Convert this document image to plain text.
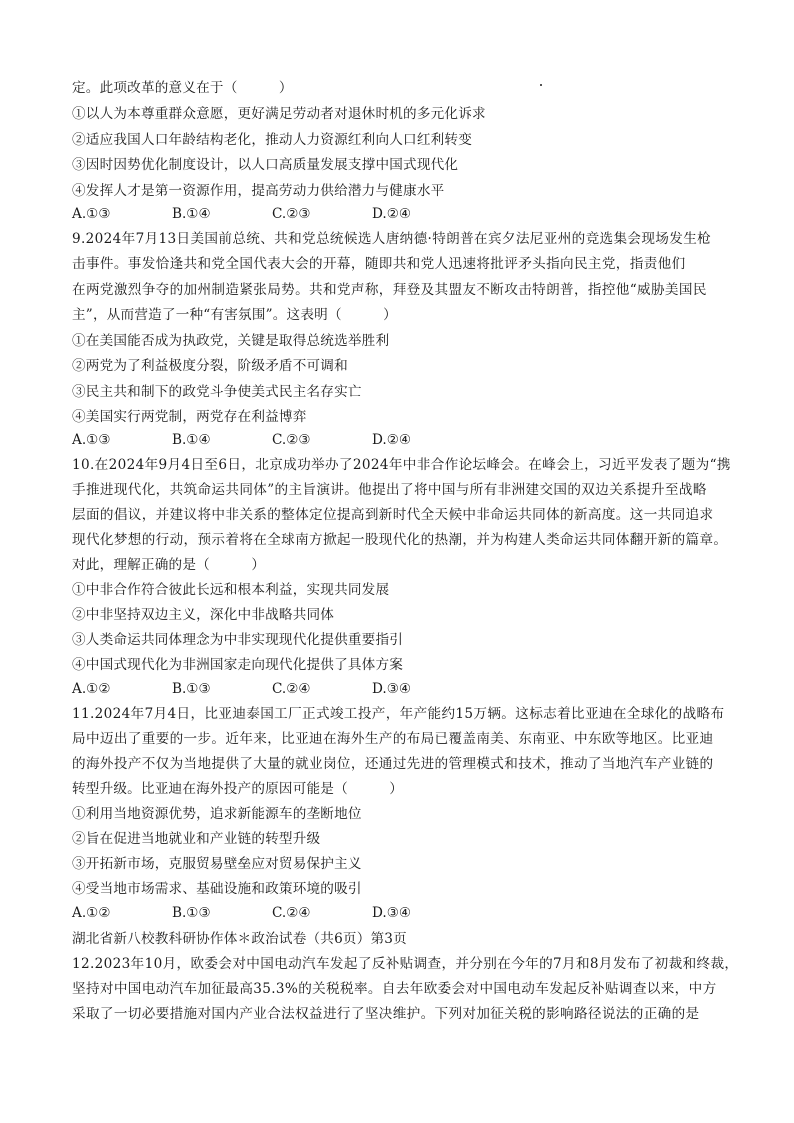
定。此项改革的意义在于（　　　）
①以人为本尊重群众意愿，更好满足劳动者对退休时机的多元化诉求
②适应我国人口年龄结构老化，推动人力资源红利向人口红利转变
③因时因势优化制度设计，以人口高质量发展支撑中国式现代化
④发挥人才是第一资源作用，提高劳动力供给潜力与健康水平
A.①③	B.①④	C.②③	D.②④
9.2024年7月13日美国前总统、共和党总统候选人唐纳德·特朗普在宾夕法尼亚州的竞选集会现场发生枪
击事件。事发恰逢共和党全国代表大会的开幕，随即共和党人迅速将批评矛头指向民主党，指责他们
在两党激烈争夺的加州制造紧张局势。共和党声称，拜登及其盟友不断攻击特朗普，指控他“威胁美国民
主”，从而营造了一种“有害氛围”。这表明（　　　）
①在美国能否成为执政党，关键是取得总统选举胜利
②两党为了利益极度分裂，阶级矛盾不可调和
③民主共和制下的政党斗争使美式民主名存实亡
④美国实行两党制，两党存在利益博弈
A.①③	B.①④	C.②③	D.②④
10.在2024年9月4日至6日，北京成功举办了2024年中非合作论坛峰会。在峰会上，习近平发表了题为“携
手推进现代化，共筑命运共同体”的主旨演讲。他提出了将中国与所有非洲建交国的双边关系提升至战略
层面的倡议，并建议将中非关系的整体定位提高到新时代全天候中非命运共同体的新高度。这一共同追求
现代化梦想的行动，预示着将在全球南方掀起一股现代化的热潮，并为构建人类命运共同体翻开新的篇章。
对此，理解正确的是（　　　）
①中非合作符合彼此长远和根本利益，实现共同发展
②中非坚持双边主义，深化中非战略共同体
③人类命运共同体理念为中非实现现代化提供重要指引
④中国式现代化为非洲国家走向现代化提供了具体方案
A.①②	B.①③	C.②④	D.③④
11.2024年7月4日，比亚迪泰国工厂正式竣工投产，年产能约15万辆。这标志着比亚迪在全球化的战略布
局中迈出了重要的一步。近年来，比亚迪在海外生产的布局已覆盖南美、东南亚、中东欧等地区。比亚迪
的海外投产不仅为当地提供了大量的就业岗位，还通过先进的管理模式和技术，推动了当地汽车产业链的
转型升级。比亚迪在海外投产的原因可能是（　　　）
①利用当地资源优势，追求新能源车的垄断地位
②旨在促进当地就业和产业链的转型升级
③开拓新市场，克服贸易壁垒应对贸易保护主义
④受当地市场需求、基础设施和政策环境的吸引
A.①②	B.①③	C.②④	D.③④
湖北省新八校教科研协作体＊政治试卷（共6页）第3页
12.2023年10月，欧委会对中国电动汽车发起了反补贴调查，并分别在今年的7月和8月发布了初裁和终裁，
坚持对中国电动汽车加征最高35.3%的关税税率。自去年欧委会对中国电动车发起反补贴调查以来，中方
采取了一切必要措施对国内产业合法权益进行了坚决维护。下列对加征关税的影响路径说法的正确的是
